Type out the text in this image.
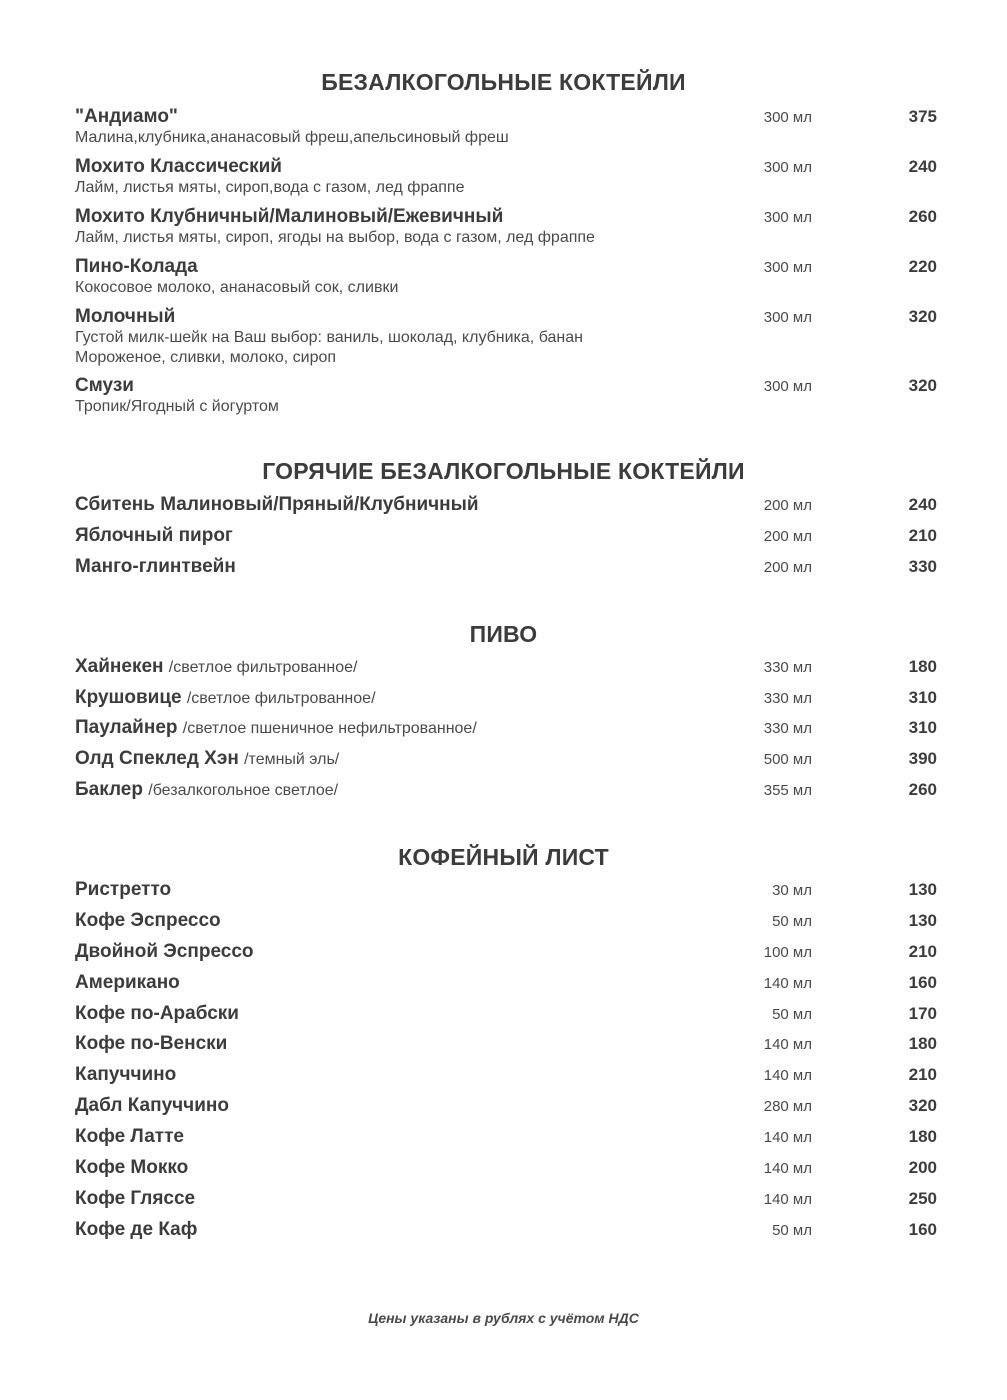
БЕЗАЛКОГОЛЬНЫЕ КОКТЕЙЛИ
"Андиамо"
Малина,клубника,ананасовый фреш,апельсиновый фреш
300 мл	375
Мохито Классический
Лайм, листья мяты, сироп,вода с газом, лед фраппе
300 мл	240
Мохито Клубничный/Малиновый/Ежевичный
Лайм, листья мяты, сироп, ягоды на выбор, вода с газом, лед фраппе
300 мл	260
Пино-Колада
Кокосовое молоко, ананасовый сок, сливки
300 мл	220
Молочный
Густой милк-шейк на Ваш выбор: ваниль, шоколад, клубника, банан
Мороженое, сливки, молоко, сироп
300 мл	320
Смузи
Тропик/Ягодный с йогуртом
300 мл	320
ГОРЯЧИЕ БЕЗАЛКОГОЛЬНЫЕ КОКТЕЙЛИ
Сбитень Малиновый/Пряный/Клубничный	200 мл	240
Яблочный пирог	200 мл	210
Манго-глинтвейн	200 мл	330
ПИВО
Хайнекен /светлое фильтрованное/	330 мл	180
Крушовице /светлое фильтрованное/	330 мл	310
Паулайнер /светлое пшеничное нефильтрованное/	330 мл	310
Олд Спеклед Хэн /темный эль/	500 мл	390
Баклер /безалкогольное светлое/	355 мл	260
КОФЕЙНЫЙ ЛИСТ
Ристретто	30 мл	130
Кофе Эспрессо	50 мл	130
Двойной Эспрессо	100 мл	210
Американо	140 мл	160
Кофе по-Арабски	50 мл	170
Кофе по-Венски	140 мл	180
Капуччино	140 мл	210
Дабл Капуччино	280 мл	320
Кофе Латте	140 мл	180
Кофе Мокко	140 мл	200
Кофе Гляссе	140 мл	250
Кофе де Каф	50 мл	160
Цены указаны в рублях с учётом НДС
